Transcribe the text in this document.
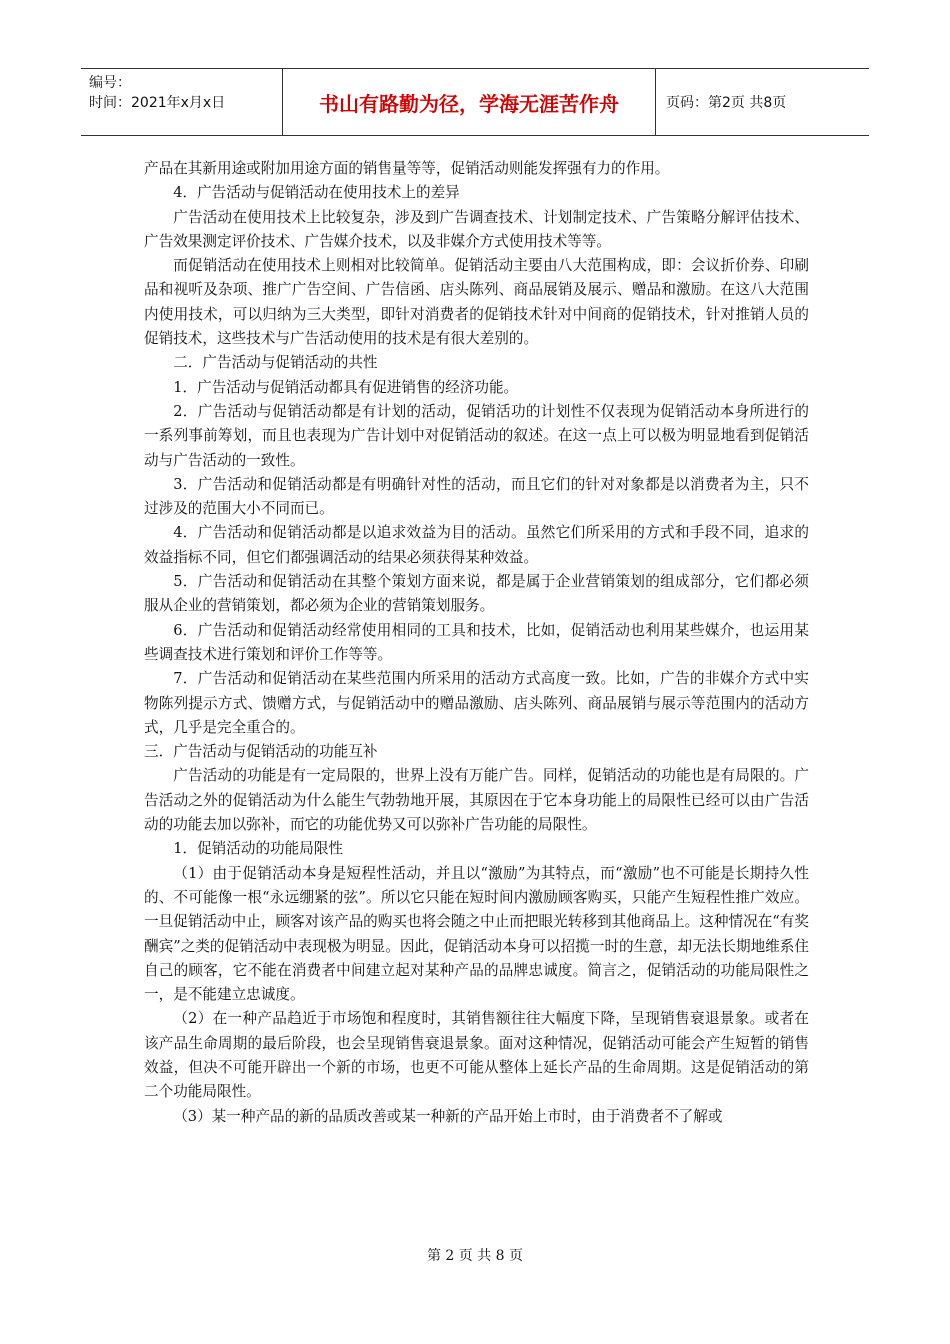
编号：
时间：2021年x月x日	书山有路勤为径，学海无涯苦作舟	页码：第2页 共8页

产品在其新用途或附加用途方面的销售量等等，促销活动则能发挥强有力的作用。

4．广告活动与促销活动在使用技术上的差异

广告活动在使用技术上比较复杂，涉及到广告调查技术、计划制定技术、广告策略分解评估技术、广告效果测定评价技术、广告媒介技术，以及非媒介方式使用技术等等。

而促销活动在使用技术上则相对比较简单。促销活动主要由八大范围构成，即：会议折价券、印刷品和视听及杂项、推广广告空间、广告信函、店头陈列、商品展销及展示、赠品和激励。在这八大范围内使用技术，可以归纳为三大类型，即针对消费者的促销技术针对中间商的促销技术，针对推销人员的促销技术，这些技术与广告活动使用的技术是有很大差别的。

二．广告活动与促销活动的共性

1．广告活动与促销活动都具有促进销售的经济功能。

2．广告活动与促销活动都是有计划的活动，促销活功的计划性不仅表现为促销活动本身所进行的一系列事前筹划，而且也表现为广告计划中对促销活动的叙述。在这一点上可以极为明显地看到促销活动与广告活动的一致性。

3．广告活动和促销活动都是有明确针对性的活动，而且它们的针对对象都是以消费者为主，只不过涉及的范围大小不同而已。

4．广告活动和促销活动都是以追求效益为目的活动。虽然它们所采用的方式和手段不同，追求的效益指标不同，但它们都强调活动的结果必须获得某种效益。

5．广告活动和促销活动在其整个策划方面来说，都是属于企业营销策划的组成部分，它们都必须服从企业的营销策划，都必须为企业的营销策划服务。

6．广告活动和促销活动经常使用相同的工具和技术，比如，促销活动也利用某些媒介，也运用某些调查技术进行策划和评价工作等等。

7．广告活动和促销活动在某些范围内所采用的活动方式高度一致。比如，广告的非媒介方式中实物陈列提示方式、馈赠方式，与促销活动中的赠品激励、店头陈列、商品展销与展示等范围内的活动方式，几乎是完全重合的。

三．广告活动与促销活动的功能互补

广告活动的功能是有一定局限的，世界上没有万能广告。同样，促销活动的功能也是有局限的。广告活动之外的促销活动为什么能生气勃勃地开展，其原因在于它本身功能上的局限性已经可以由广告活动的功能去加以弥补，而它的功能优势又可以弥补广告功能的局限性。

1．促销活动的功能局限性

（1）由于促销活动本身是短程性活动，并且以“激励”为其特点，而“激励”也不可能是长期持久性的、不可能像一根“永远绷紧的弦”。所以它只能在短时间内激励顾客购买，只能产生短程性推广效应。一旦促销活动中止，顾客对该产品的购买也将会随之中止而把眼光转移到其他商品上。这种情况在“有奖酬宾”之类的促销活动中表现极为明显。因此，促销活动本身可以招揽一时的生意，却无法长期地维系住自己的顾客，它不能在消费者中间建立起对某种产品的品牌忠诚度。简言之，促销活动的功能局限性之一，是不能建立忠诚度。

（2）在一种产品趋近于市场饱和程度时，其销售额往往大幅度下降，呈现销售衰退景象。或者在该产品生命周期的最后阶段，也会呈现销售衰退景象。面对这种情况，促销活动可能会产生短暂的销售效益，但决不可能开辟出一个新的市场，也更不可能从整体上延长产品的生命周期。这是促销活动的第二个功能局限性。

（3）某一种产品的新的品质改善或某一种新的产品开始上市时，由于消费者不了解或

第 2 页 共 8 页
